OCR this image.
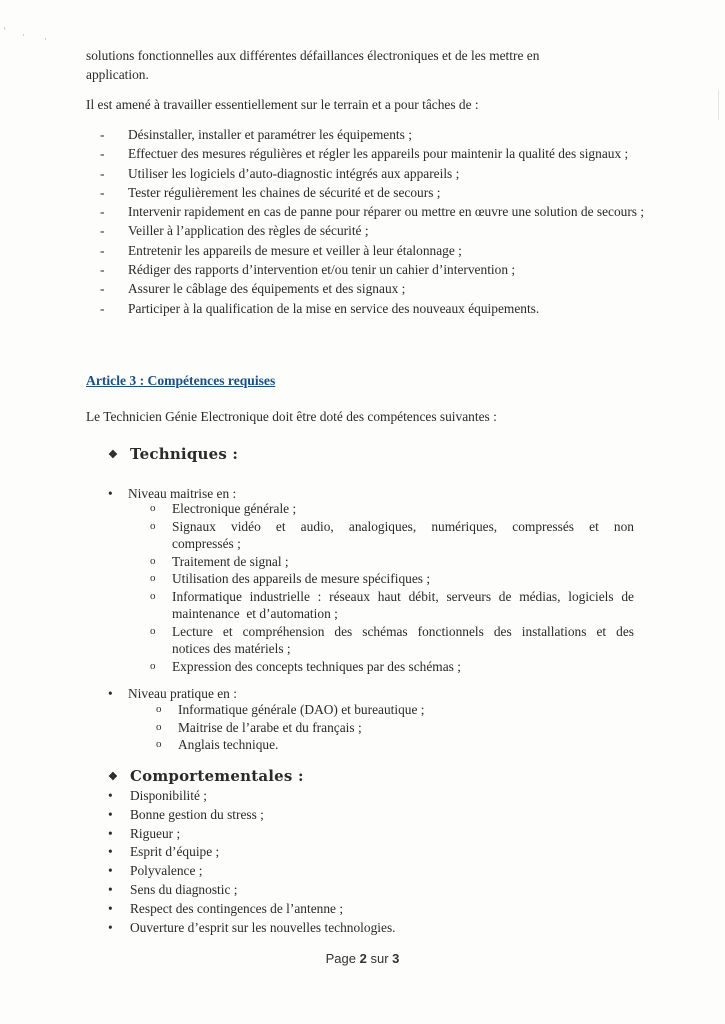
' · ·

solutions fonctionnelles aux différentes défaillances électroniques et de les mettre en
application.

Il est amené à travailler essentiellement sur le terrain et a pour tâches de :

- Désinstaller, installer et paramétrer les équipements ;
- Effectuer des mesures régulières et régler les appareils pour maintenir la qualité des signaux ;
- Utiliser les logiciels d’auto-diagnostic intégrés aux appareils ;
- Tester régulièrement les chaines de sécurité et de secours ;
- Intervenir rapidement en cas de panne pour réparer ou mettre en œuvre une solution de secours ;
- Veiller à l’application des règles de sécurité ;
- Entretenir les appareils de mesure et veiller à leur étalonnage ;
- Rédiger des rapports d’intervention et/ou tenir un cahier d’intervention ;
- Assurer le câblage des équipements et des signaux ;
- Participer à la qualification de la mise en service des nouveaux équipements.
Article 3 : Compétences requises

Le Technicien Génie Electronique doit être doté des compétences suivantes :

❖ Techniques :
• Niveau maitrise en :
o Electronique générale ;
o Signaux vidéo et audio, analogiques, numériques, compressés et non
compressés ;
o Traitement de signal ;
o Utilisation des appareils de mesure spécifiques ;
o Informatique industrielle : réseaux haut débit, serveurs de médias, logiciels de
maintenance  et d’automation ;
o Lecture et compréhension des schémas fonctionnels des installations et des
notices des matériels ;
o Expression des concepts techniques par des schémas ;
• Niveau pratique en :
o Informatique générale (DAO) et bureautique ;
o Maitrise de l’arabe et du français ;
o Anglais technique.
❖ Comportementales :
• Disponibilité ;
• Bonne gestion du stress ;
• Rigueur ;
• Esprit d’équipe ;
• Polyvalence ;
• Sens du diagnostic ;
• Respect des contingences de l’antenne ;
• Ouverture d’esprit sur les nouvelles technologies.
Page 2 sur 3
